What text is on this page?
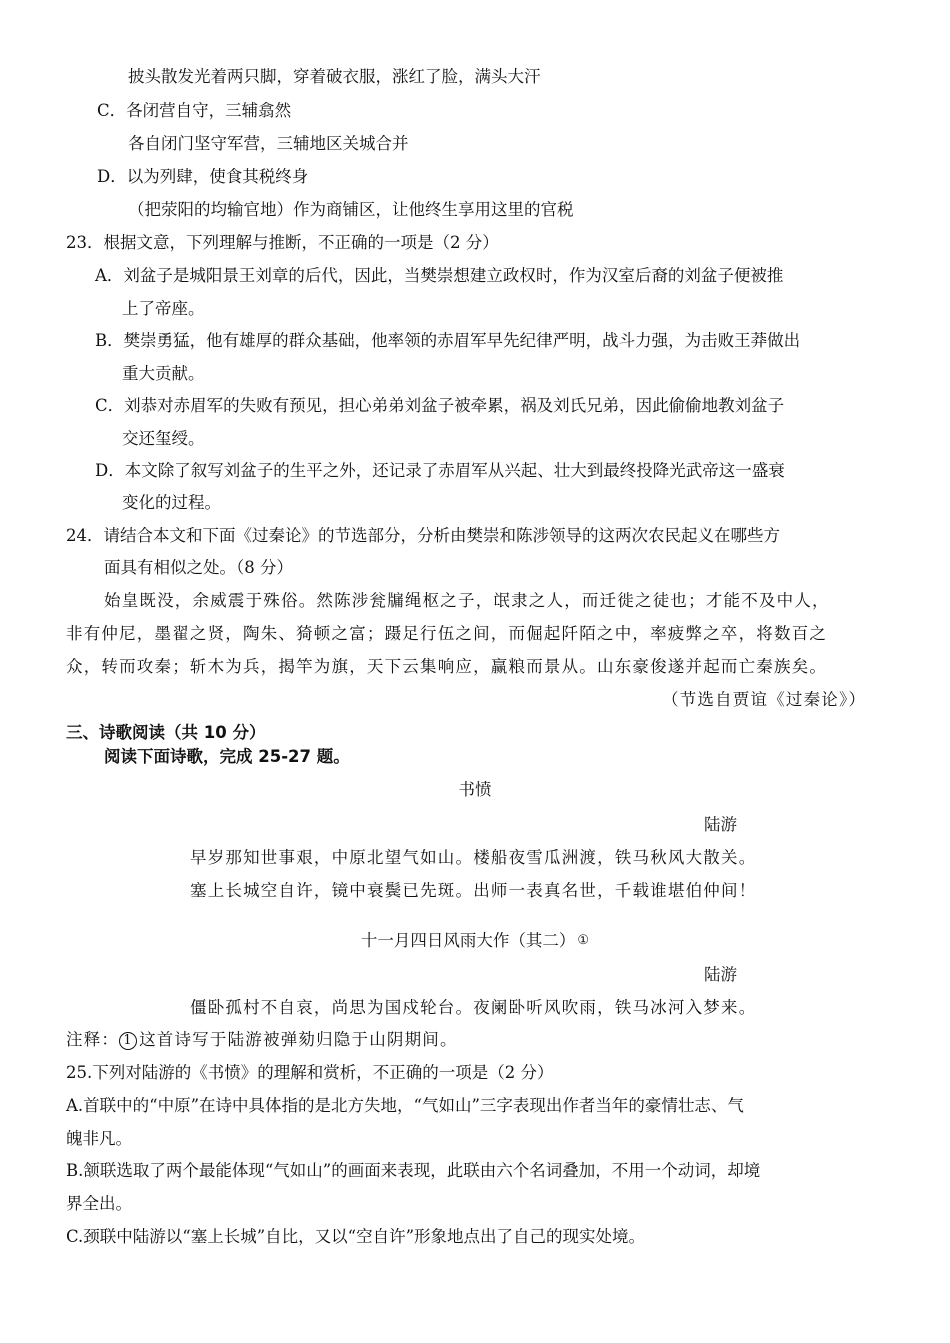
披头散发光着两只脚，穿着破衣服，涨红了脸，满头大汗
C．各闭营自守，三辅翕然
各自闭门坚守军营，三辅地区关城合并
D．以为列肆，使食其税终身
（把荥阳的均输官地）作为商铺区，让他终生享用这里的官税
23．根据文意，下列理解与推断，不正确的一项是（2 分）
A．刘盆子是城阳景王刘章的后代，因此，当樊崇想建立政权时，作为汉室后裔的刘盆子便被推
上了帝座。
B．樊崇勇猛，他有雄厚的群众基础，他率领的赤眉军早先纪律严明，战斗力强，为击败王莽做出
重大贡献。
C．刘恭对赤眉军的失败有预见，担心弟弟刘盆子被牵累，祸及刘氏兄弟，因此偷偷地教刘盆子
交还玺绶。
D．本文除了叙写刘盆子的生平之外，还记录了赤眉军从兴起、壮大到最终投降光武帝这一盛衰
变化的过程。
24．请结合本文和下面《过秦论》的节选部分，分析由樊崇和陈涉领导的这两次农民起义在哪些方
面具有相似之处。（8 分）
始皇既没，余威震于殊俗。然陈涉瓮牖绳枢之子，氓隶之人，而迁徙之徒也；才能不及中人，
非有仲尼，墨翟之贤，陶朱、猗顿之富；蹑足行伍之间，而倔起阡陌之中，率疲弊之卒，将数百之
众，转而攻秦；斩木为兵，揭竿为旗，天下云集响应，赢粮而景从。山东豪俊遂并起而亡秦族矣。
（节选自贾谊《过秦论》）
三、诗歌阅读（共 10 分）
阅读下面诗歌，完成 25-27 题。
书愤
陆游
早岁那知世事艰，中原北望气如山。楼船夜雪瓜洲渡，铁马秋风大散关。
塞上长城空自许，镜中衰鬓已先斑。出师一表真名世，千载谁堪伯仲间！
十一月四日风雨大作（其二） ①
陆游
僵卧孤村不自哀，尚思为国戍轮台。夜阑卧听风吹雨，铁马冰河入梦来。
注释： 1 这首诗写于陆游被弹劾归隐于山阴期间。
25.下列对陆游的《书愤》的理解和赏析，不正确的一项是（2 分）
A.首联中的“中原”在诗中具体指的是北方失地，“气如山”三字表现出作者当年的豪情壮志、气
魄非凡。
B.颔联选取了两个最能体现“气如山”的画面来表现，此联由六个名词叠加，不用一个动词，却境
界全出。
C.颈联中陆游以“塞上长城”自比，又以“空自许”形象地点出了自己的现实处境。
